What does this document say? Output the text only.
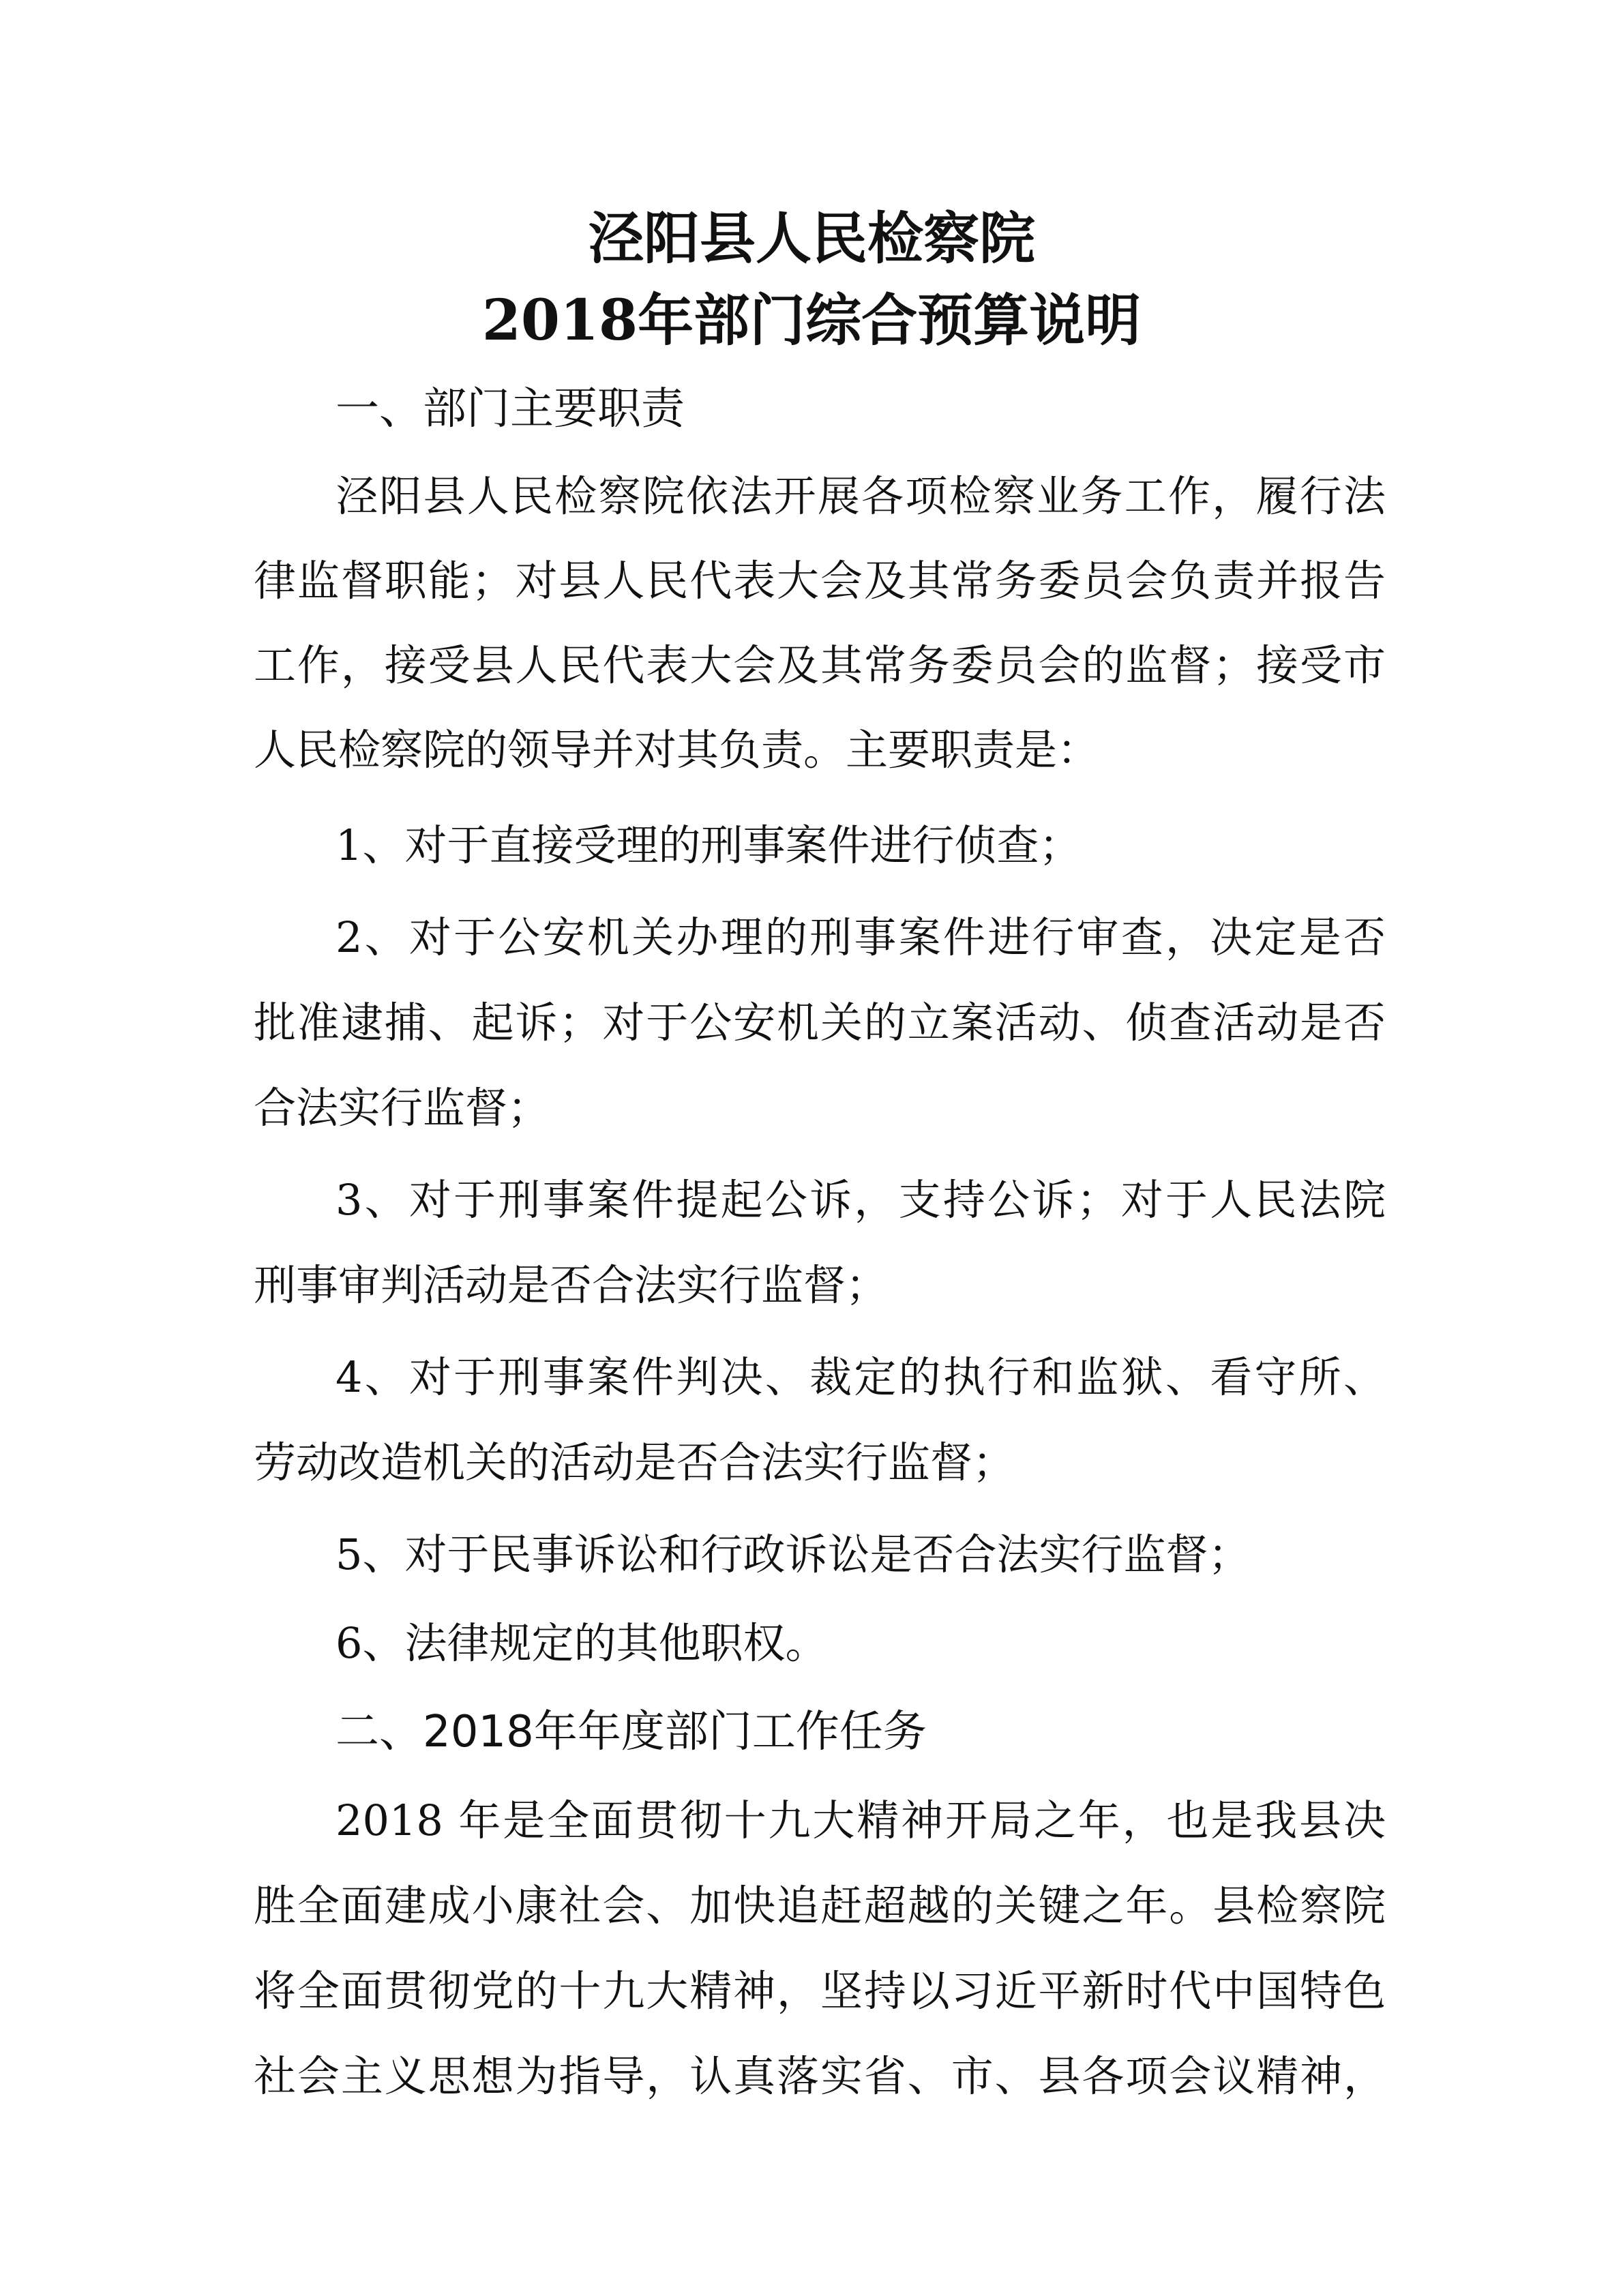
泾阳县人民检察院
2018年部门综合预算说明
一、部门主要职责
泾阳县人民检察院依法开展各项检察业务工作，履行法
律监督职能；对县人民代表大会及其常务委员会负责并报告
工作，接受县人民代表大会及其常务委员会的监督；接受市
人民检察院的领导并对其负责。主要职责是：
1、对于直接受理的刑事案件进行侦查；
2、对于公安机关办理的刑事案件进行审查，决定是否
批准逮捕、起诉；对于公安机关的立案活动、侦查活动是否
合法实行监督；
3、对于刑事案件提起公诉，支持公诉；对于人民法院
刑事审判活动是否合法实行监督；
4、对于刑事案件判决、裁定的执行和监狱、看守所、
劳动改造机关的活动是否合法实行监督；
5、对于民事诉讼和行政诉讼是否合法实行监督；
6、法律规定的其他职权。
二、2018年年度部门工作任务
2018 年是全面贯彻十九大精神开局之年，也是我县决
胜全面建成小康社会、加快追赶超越的关键之年。县检察院
将全面贯彻党的十九大精神，坚持以习近平新时代中国特色
社会主义思想为指导，认真落实省、市、县各项会议精神，
